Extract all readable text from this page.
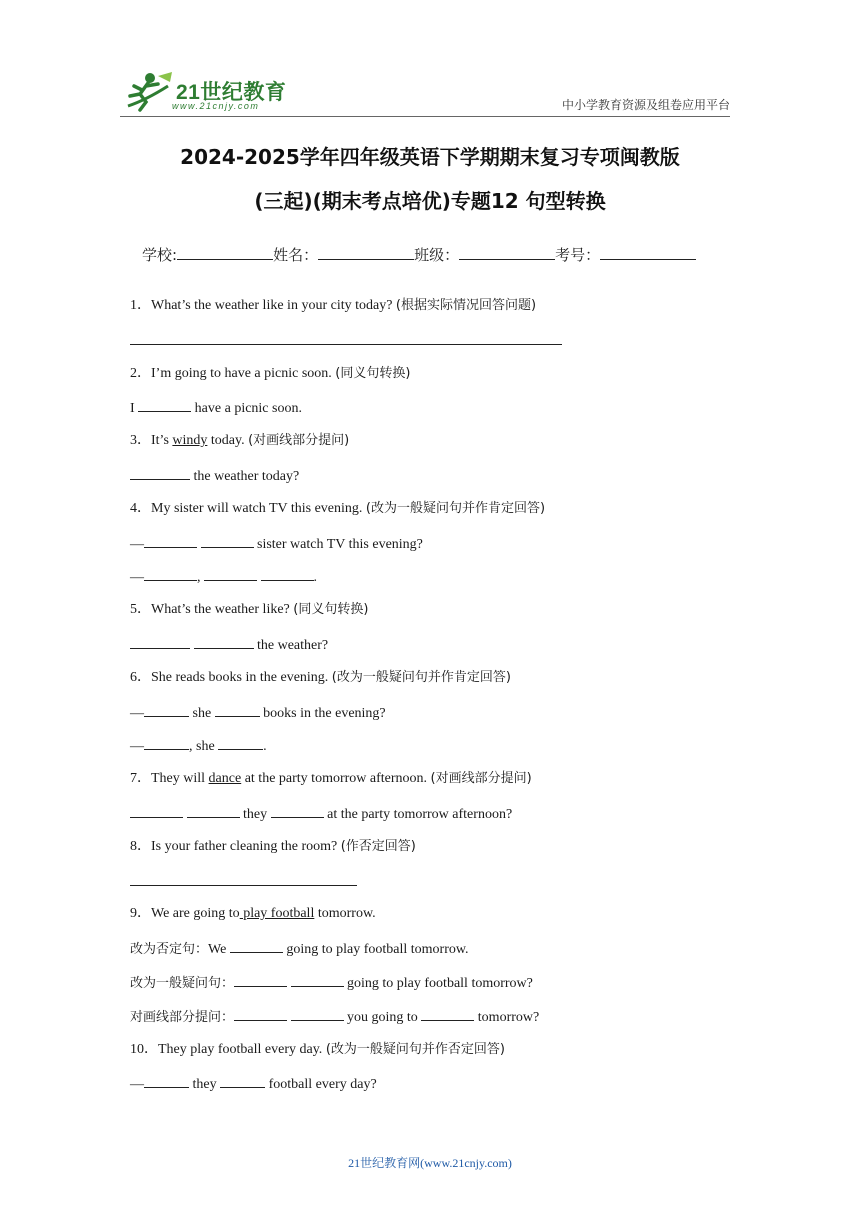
21世纪教育
www.21cnjy.com	中小学教育资源及组卷应用平台
2024-2025学年四年级英语下学期期末复习专项闽教版
(三起)(期末考点培优)专题12 句型转换
学校:	姓名：	班级：	考号：
1．What’s the weather like in your city today? (根据实际情况回答问题)
2．I’m going to have a picnic soon. (同义句转换)
I	have a picnic soon.
3．It’s windy today. (对画线部分提问)
the weather today?
4．My sister will watch TV this evening. (改为一般疑问句并作肯定回答)
—	sister watch TV this evening?
—	,	.
5．What’s the weather like? (同义句转换)
the weather?
6．She reads books in the evening. (改为一般疑问句并作肯定回答)
—	she	books in the evening?
—	, she	.
7．They will dance at the party tomorrow afternoon. (对画线部分提问)
they	at the party tomorrow afternoon?
8．Is your father cleaning the room? (作否定回答)
9．We are going to play football tomorrow.
改为否定句：We	going to play football tomorrow.
改为一般疑问句：	going to play football tomorrow?
对画线部分提问：	you going to	tomorrow?
10．They play football every day. (改为一般疑问句并作否定回答)
—	they	football every day?
21世纪教育网(www.21cnjy.com)
